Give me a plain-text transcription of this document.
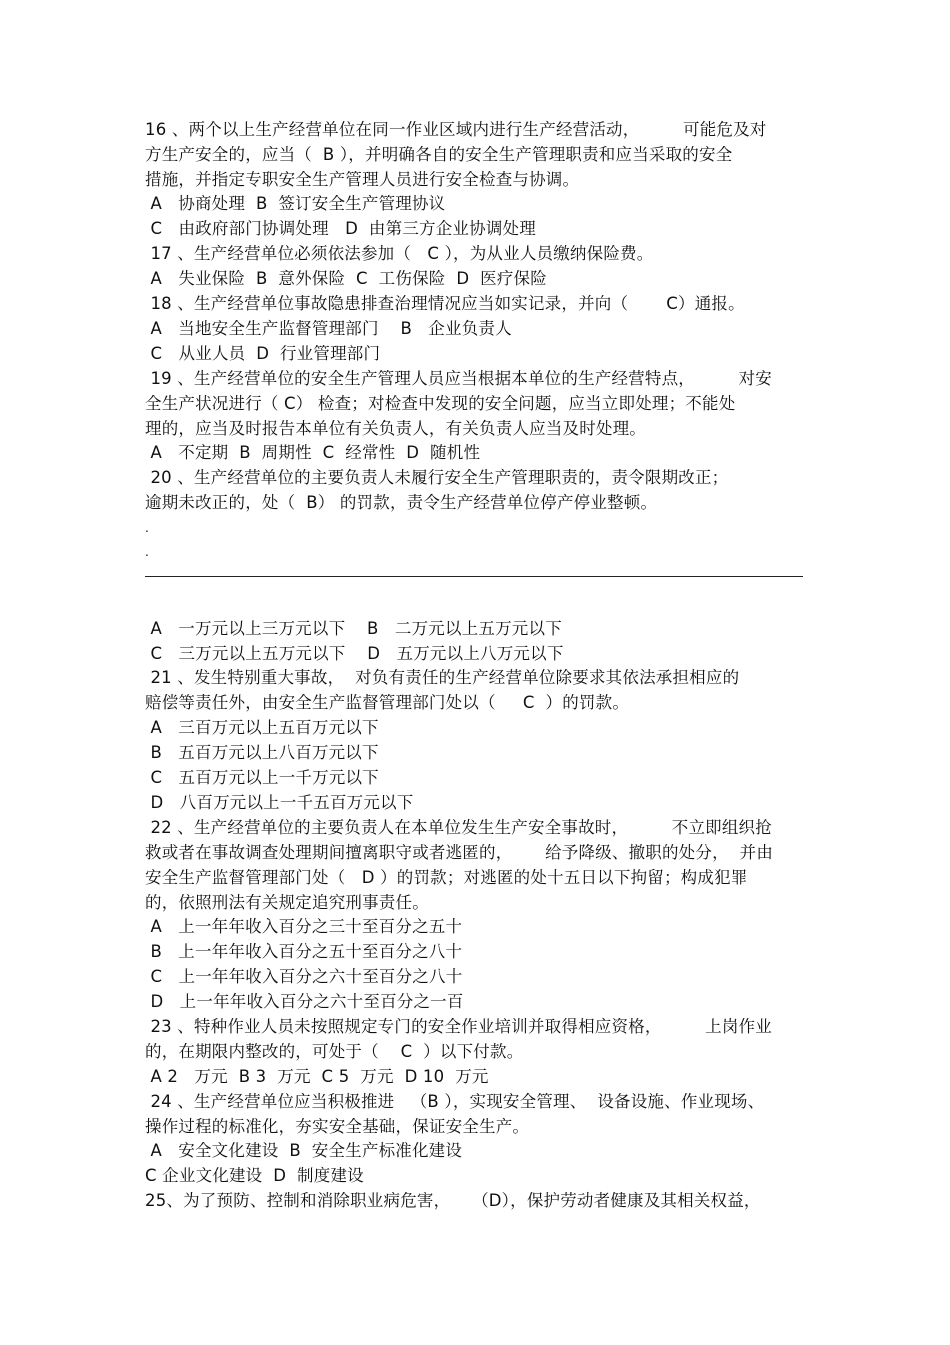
16 、两个以上生产经营单位在同一作业区域内进行生产经营活动，        可能危及对

方生产安全的，应当（  B ），并明确各自的安全生产管理职责和应当采取的安全

措施，并指定专职安全生产管理人员进行安全检查与协调。

A   协商处理  B  签订安全生产管理协议

C   由政府部门协调处理   D  由第三方企业协调处理

17 、生产经营单位必须依法参加（   C ），为从业人员缴纳保险费。

A   失业保险  B  意外保险  C  工伤保险  D  医疗保险

18 、生产经营单位事故隐患排查治理情况应当如实记录，并向（       C）通报。

A   当地安全生产监督管理部门    B   企业负责人

C   从业人员  D  行业管理部门

19 、生产经营单位的安全生产管理人员应当根据本单位的生产经营特点，        对安

全生产状况进行（ C） 检查；对检查中发现的安全问题，应当立即处理；不能处

理的，应当及时报告本单位有关负责人，有关负责人应当及时处理。

A   不定期  B  周期性  C  经常性  D  随机性

20 、生产经营单位的主要负责人未履行安全生产管理职责的，责令限期改正；

逾期未改正的，处（  B） 的罚款，责令生产经营单位停产停业整顿。

.
.

A   一万元以上三万元以下    B   二万元以上五万元以下

C   三万元以上五万元以下    D   五万元以上八万元以下

21 、发生特别重大事故，  对负有责任的生产经营单位除要求其依法承担相应的

赔偿等责任外，由安全生产监督管理部门处以（     C  ）的罚款。

A   三百万元以上五百万元以下

B   五百万元以上八百万元以下

C   五百万元以上一千万元以下

D   八百万元以上一千五百万元以下

22 、生产经营单位的主要负责人在本单位发生生产安全事故时，        不立即组织抢

救或者在事故调查处理期间擅离职守或者逃匿的，      给予降级、撤职的处分，  并由

安全生产监督管理部门处（   D ）的罚款；对逃匿的处十五日以下拘留；构成犯罪

的，依照刑法有关规定追究刑事责任。

A   上一年年收入百分之三十至百分之五十

B   上一年年收入百分之五十至百分之八十

C   上一年年收入百分之六十至百分之八十

D   上一年年收入百分之六十至百分之一百

23 、特种作业人员未按照规定专门的安全作业培训并取得相应资格，        上岗作业

的，在期限内整改的，可处于（    C  ）以下付款。

A 2   万元  B 3  万元  C 5  万元  D 10  万元

24 、生产经营单位应当积极推进   （B ），实现安全管理、  设备设施、作业现场、

操作过程的标准化，夯实安全基础，保证安全生产。

A   安全文化建设  B  安全生产标准化建设

C 企业文化建设  D  制度建设

25、为了预防、控制和消除职业病危害，    （D），保护劳动者健康及其相关权益，
